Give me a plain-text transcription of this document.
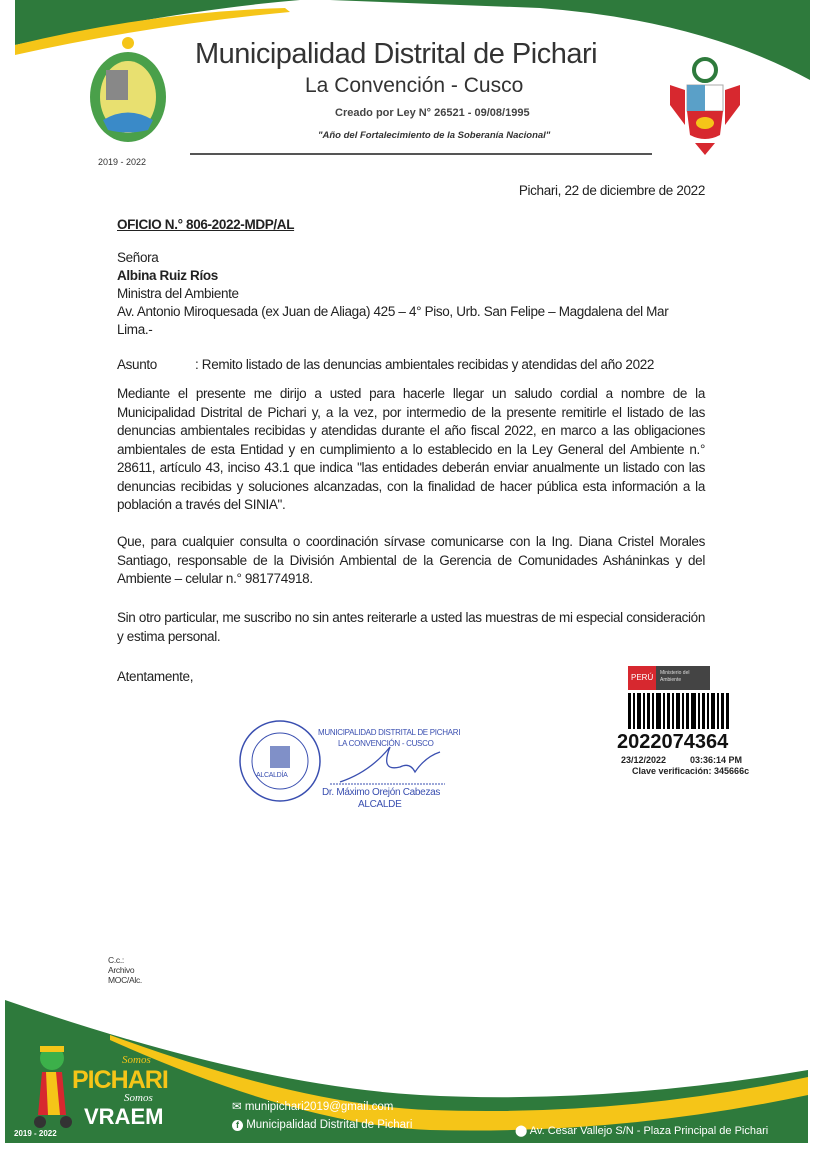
2019 - 2022
Municipalidad Distrital de Pichari
La Convención - Cusco
Creado por Ley N° 26521 - 09/08/1995
"Año del Fortalecimiento de la Soberanía Nacional"
Pichari, 22 de diciembre de 2022
OFICIO N.° 806-2022-MDP/AL
Señora
Albina Ruiz Ríos
Ministra del Ambiente
Av. Antonio Miroquesada (ex Juan de Aliaga) 425 – 4° Piso, Urb. San Felipe – Magdalena del Mar
Lima.-
Asunto	: Remito listado de las denuncias ambientales recibidas y atendidas del año 2022
Mediante el presente me dirijo a usted para hacerle llegar un saludo cordial a nombre de la Municipalidad Distrital de Pichari y, a la vez, por intermedio de la presente remitirle el listado de las denuncias ambientales recibidas y atendidas durante el año fiscal 2022, en marco a las obligaciones ambientales de esta Entidad y en cumplimiento a lo establecido en la Ley General del Ambiente n.° 28611, artículo 43, inciso 43.1 que indica "las entidades deberán enviar anualmente un listado con las denuncias recibidas y soluciones alcanzadas, con la finalidad de hacer pública esta información a la población a través del SINIA".
Que, para cualquier consulta o coordinación sírvase comunicarse con la Ing. Diana Cristel Morales Santiago, responsable de la División Ambiental de la Gerencia de Comunidades Asháninkas y del Ambiente – celular n.° 981774918.
Sin otro particular, me suscribo no sin antes reiterarle a usted las muestras de mi especial consideración y estima personal.
Atentamente,
ALCALDÍA
MUNICIPALIDAD DISTRITAL DE PICHARI
LA CONVENCIÓN - CUSCO
Dr. Máximo Orejón Cabezas
ALCALDE
PERÚ	Ministerio del Ambiente
2022074364
23/12/2022	03:36:14 PM
Clave verificación: 345666c
C.c.:
Archivo
MOC/Alc.
Somos
PICHARI
Somos
VRAEM
2019 - 2022
✉ munipichari2019@gmail.com
f Municipalidad Distrital de Pichari	⬤ Av. Cesar Vallejo S/N - Plaza Principal de Pichari
